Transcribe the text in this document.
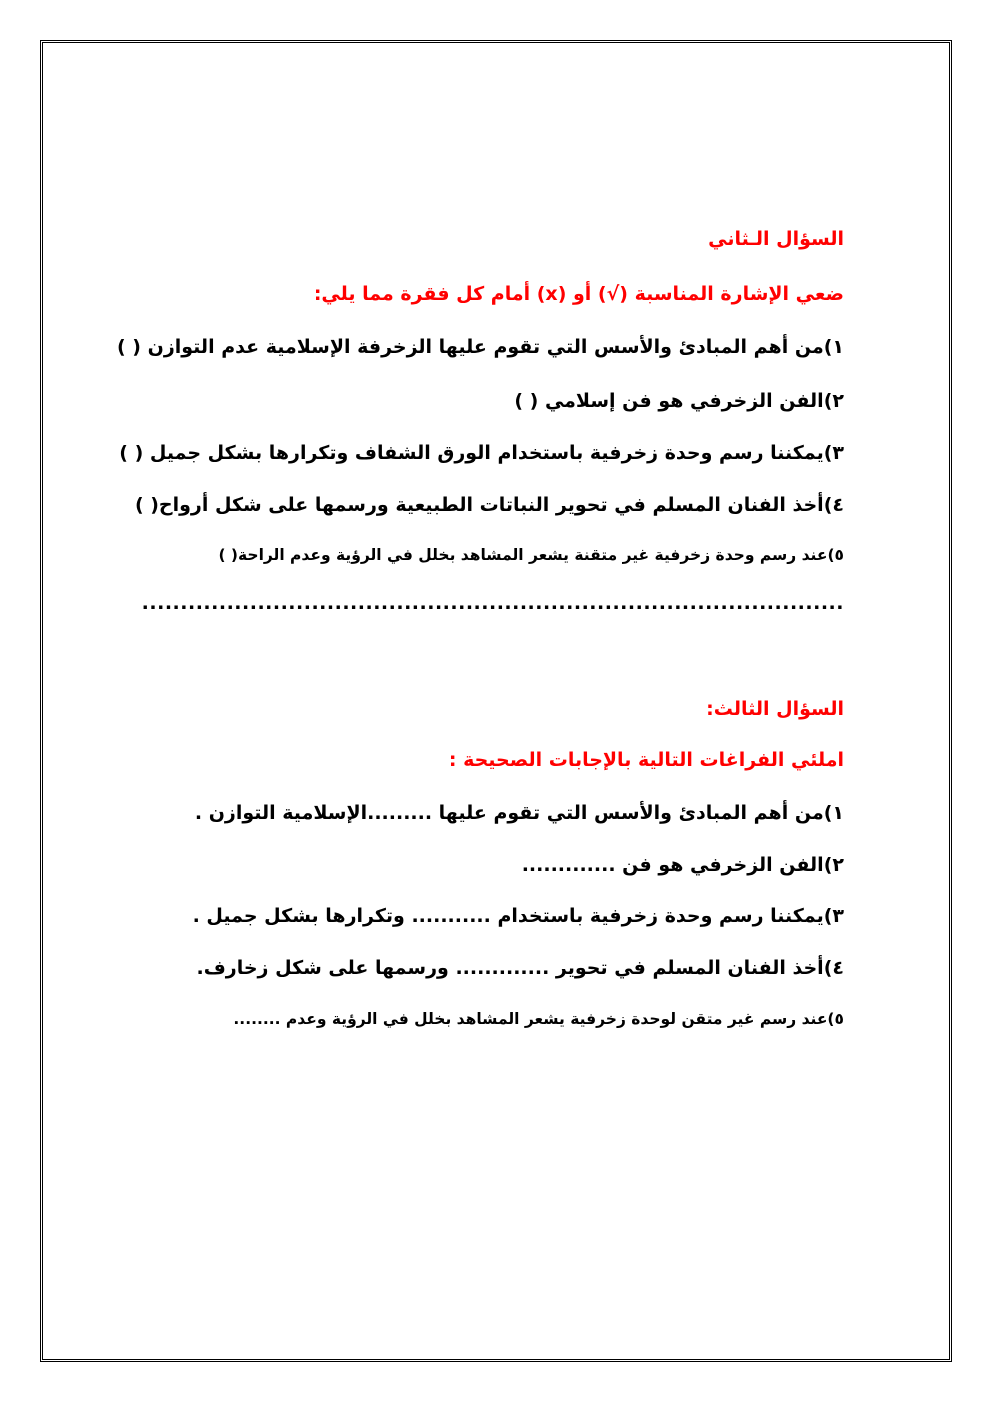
السؤال الـثاني
ضعي الإشارة المناسبة (√) أو (x) أمام كل فقرة مما يلي:
١)من أهم المبادئ والأسس التي تقوم عليها الزخرفة الإسلامية عدم التوازن ( )
٢)الفن الزخرفي هو فن إسلامي ( )
٣)يمكننا رسم وحدة زخرفية باستخدام الورق الشفاف وتكرارها بشكل جميل ( )
٤)أخذ الفنان المسلم في تحوير النباتات الطبيعية ورسمها على شكل أرواح( )
٥)عند رسم وحدة زخرفية غير متقنة يشعر المشاهد بخلل في الرؤية وعدم الراحة( )
...........................................................................................
السؤال الثالث:
املئي الفراغات التالية بالإجابات الصحيحة :
١)من أهم المبادئ والأسس التي تقوم عليها .........الإسلامية التوازن .
٢)الفن الزخرفي هو فن .............
٣)يمكننا رسم وحدة زخرفية باستخدام ........... وتكرارها بشكل جميل .
٤)أخذ الفنان المسلم في تحوير ............. ورسمها على شكل زخارف.
٥)عند رسم غير متقن لوحدة زخرفية يشعر المشاهد بخلل في الرؤية وعدم ........
